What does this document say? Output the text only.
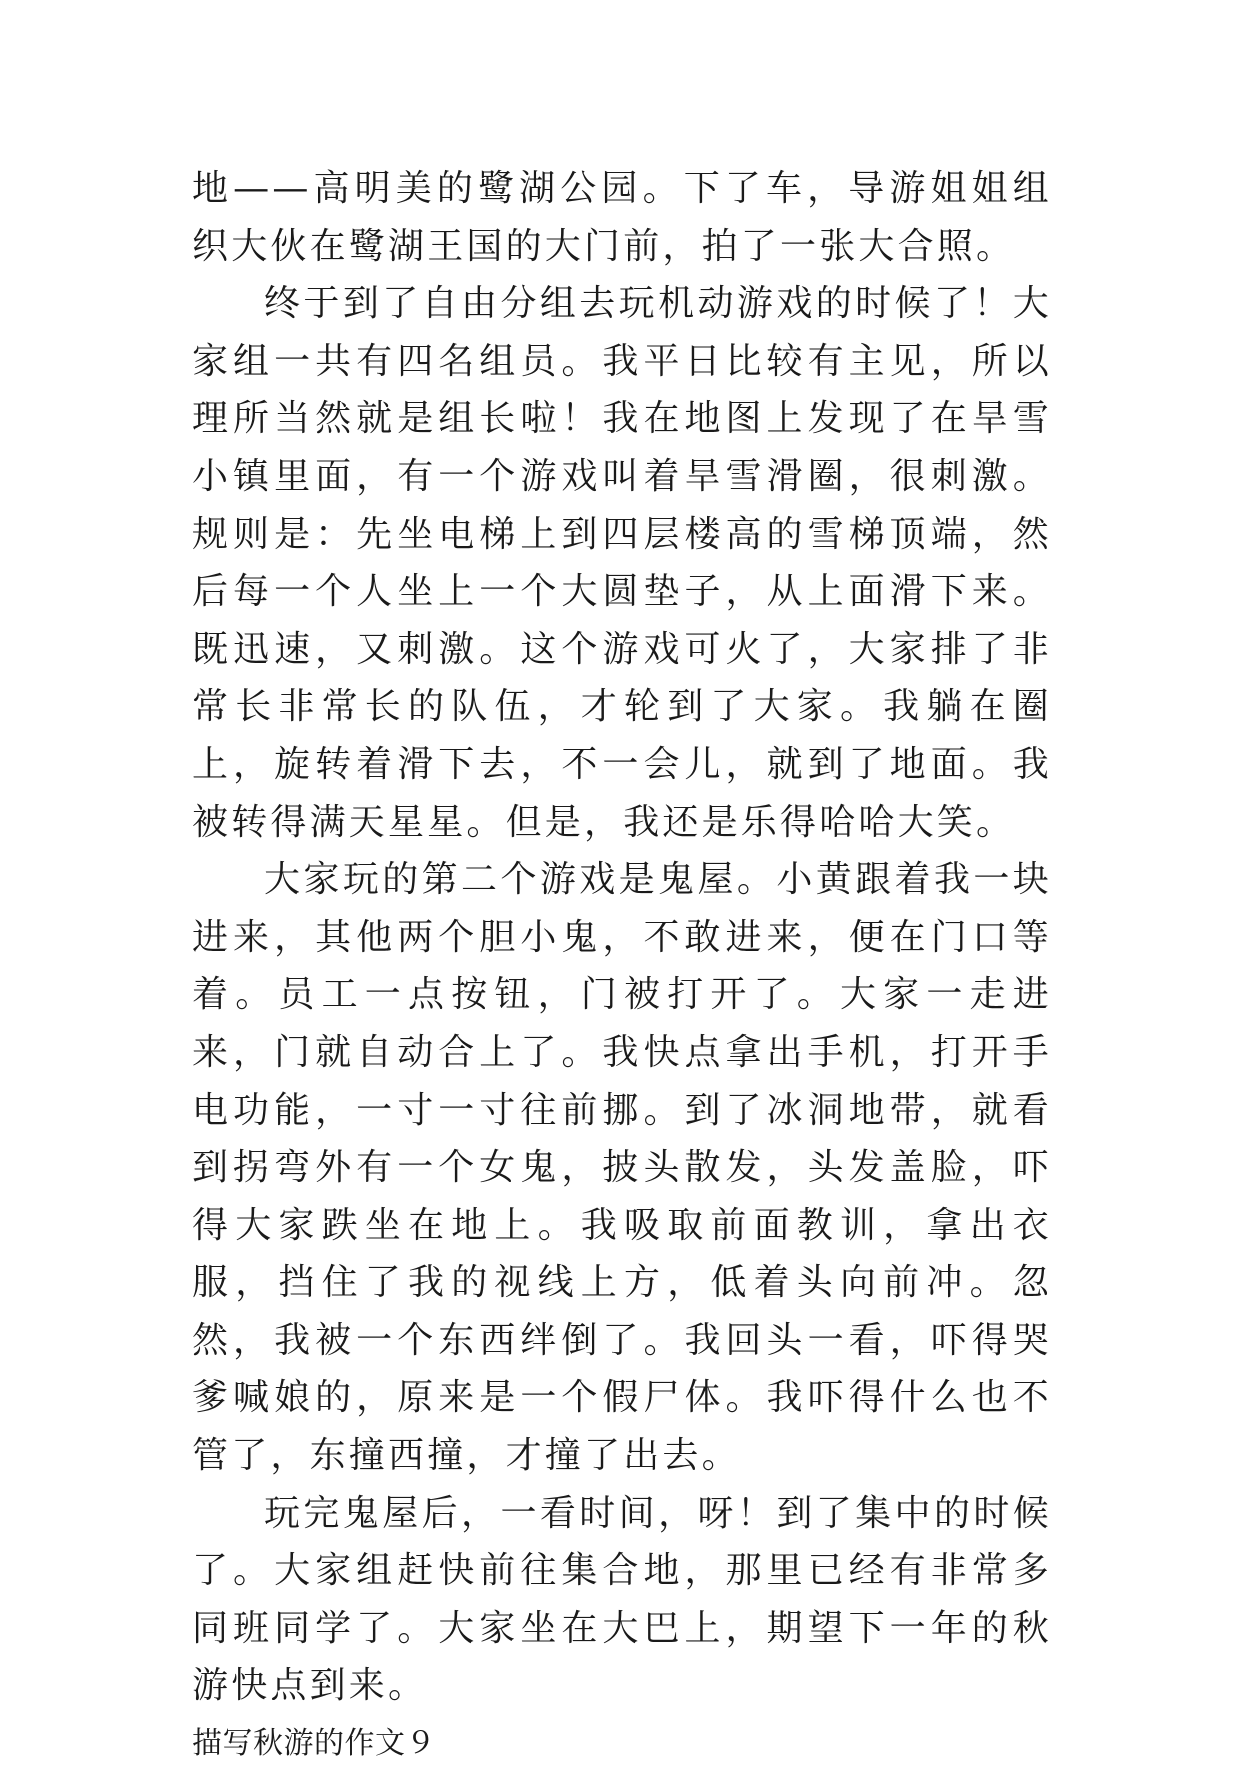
地——高明美的鹭湖公园。下了车，导游姐姐组织大伙在鹭湖王国的大门前，拍了一张大合照。

终于到了自由分组去玩机动游戏的时候了！大家组一共有四名组员。我平日比较有主见，所以理所当然就是组长啦！我在地图上发现了在旱雪小镇里面，有一个游戏叫着旱雪滑圈，很刺激。规则是：先坐电梯上到四层楼高的雪梯顶端，然后每一个人坐上一个大圆垫子，从上面滑下来。既迅速，又刺激。这个游戏可火了，大家排了非常长非常长的队伍，才轮到了大家。我躺在圈上，旋转着滑下去，不一会儿，就到了地面。我被转得满天星星。但是，我还是乐得哈哈大笑。

大家玩的第二个游戏是鬼屋。小黄跟着我一块进来，其他两个胆小鬼，不敢进来，便在门口等着。员工一点按钮，门被打开了。大家一走进来，门就自动合上了。我快点拿出手机，打开手电功能，一寸一寸往前挪。到了冰洞地带，就看到拐弯外有一个女鬼，披头散发，头发盖脸，吓得大家跌坐在地上。我吸取前面教训，拿出衣服，挡住了我的视线上方，低着头向前冲。忽然，我被一个东西绊倒了。我回头一看，吓得哭爹喊娘的，原来是一个假尸体。我吓得什么也不管了，东撞西撞，才撞了出去。

玩完鬼屋后，一看时间，呀！到了集中的时候了。大家组赶快前往集合地，那里已经有非常多同班同学了。大家坐在大巴上，期望下一年的秋游快点到来。

描写秋游的作文９
